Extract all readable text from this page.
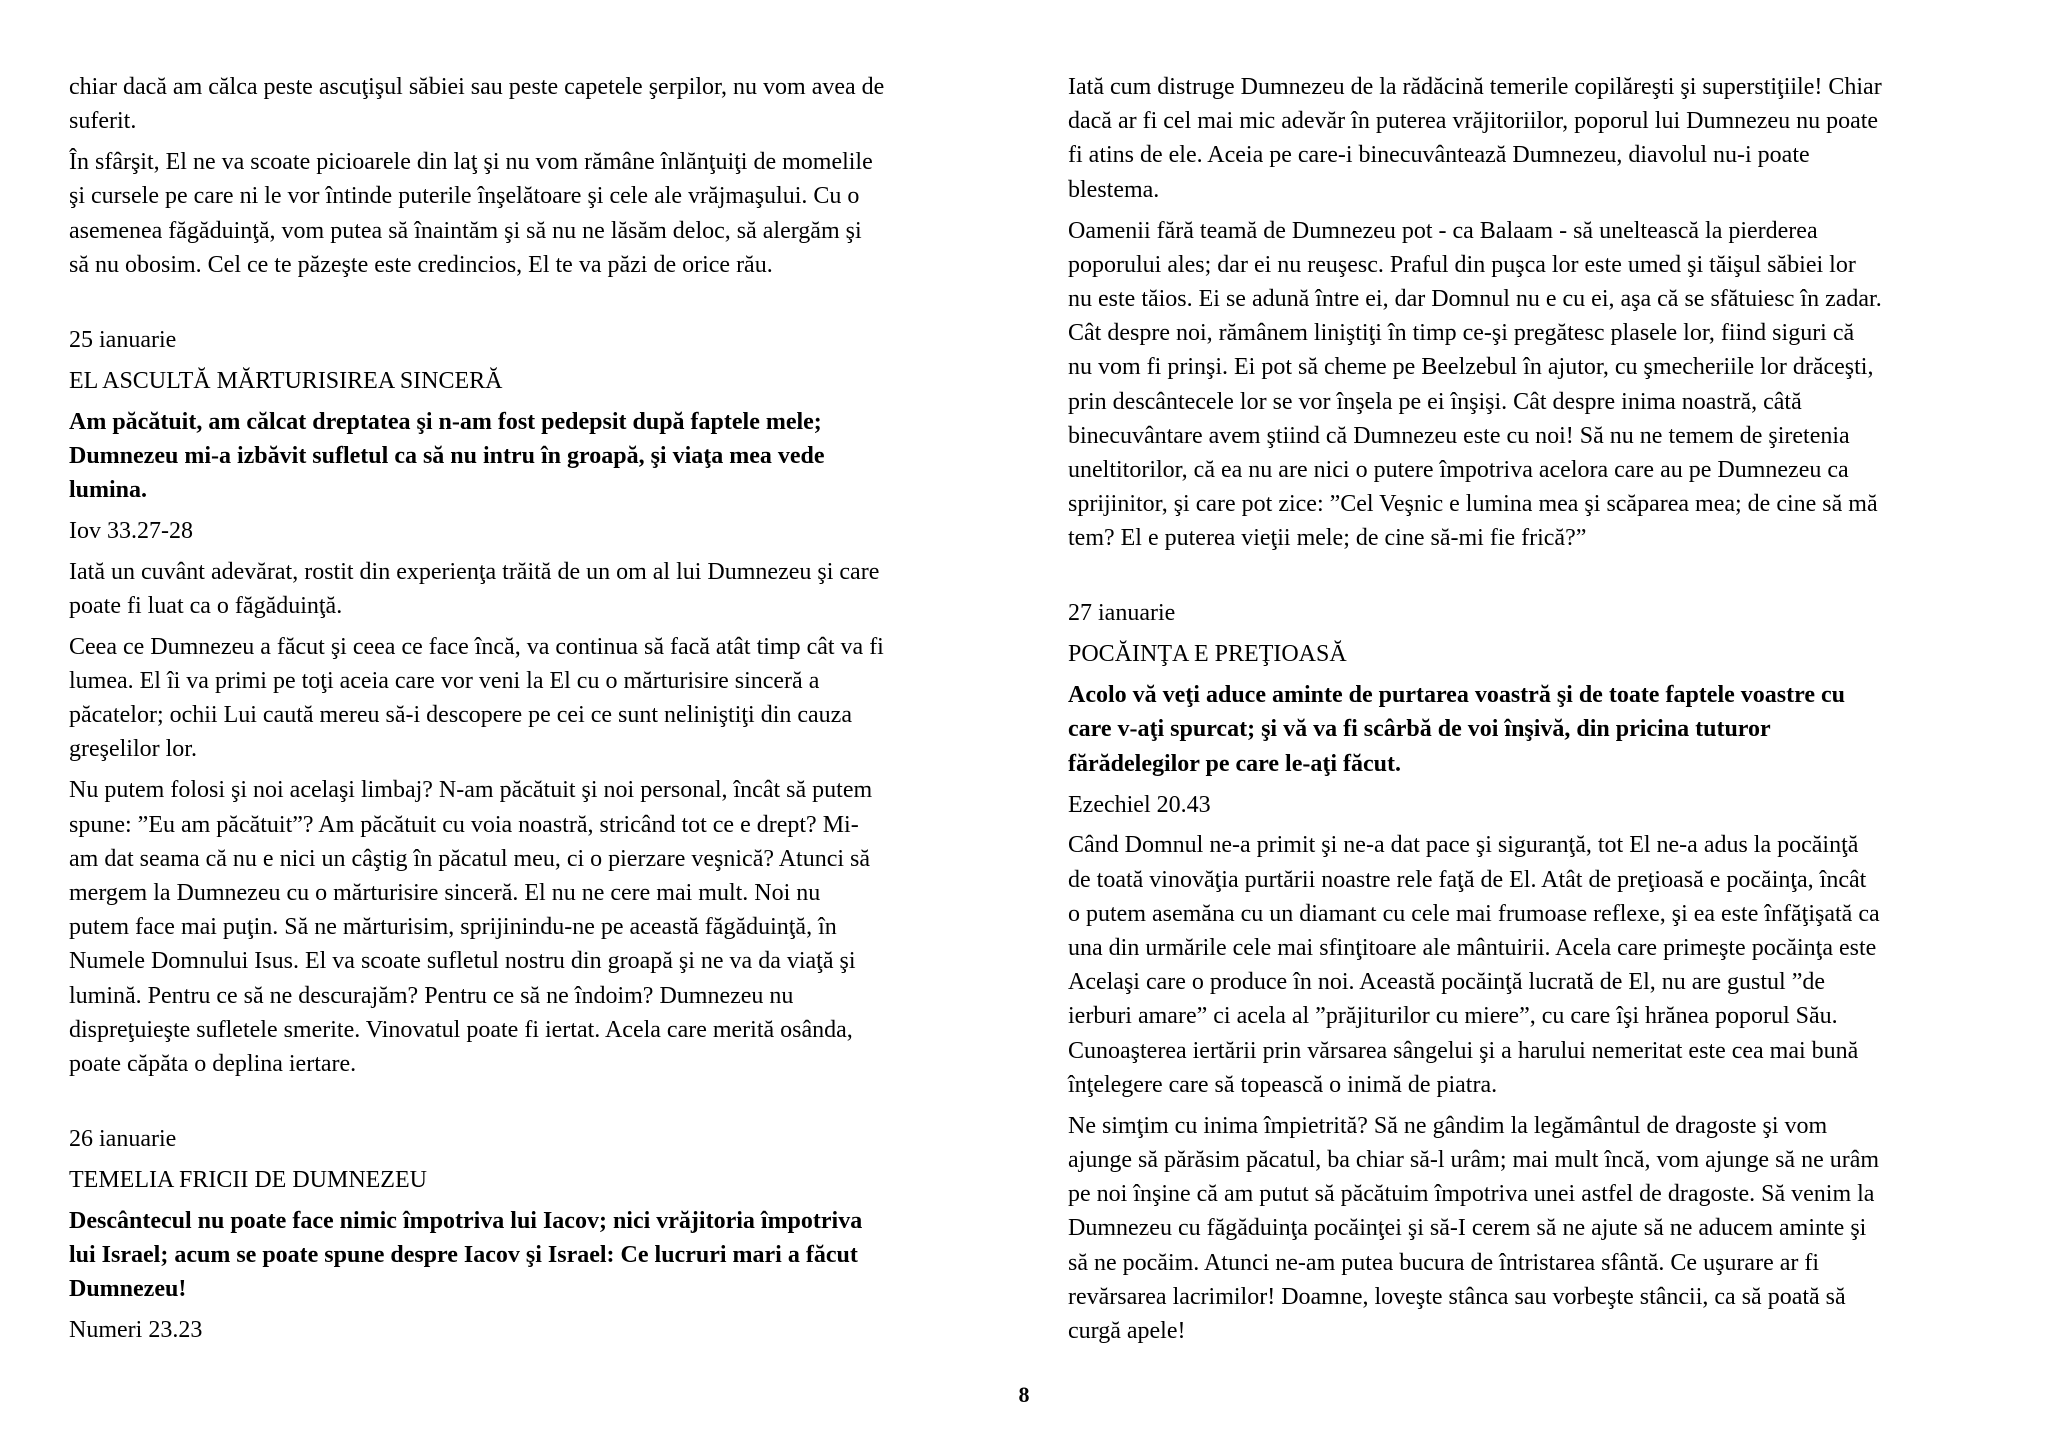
chiar dacă am călca peste ascuţişul săbiei sau peste capetele şerpilor, nu vom avea de
suferit.
În sfârşit, El ne va scoate picioarele din laţ şi nu vom rămâne înlănţuiţi de momelile
şi cursele pe care ni le vor întinde puterile înşelătoare şi cele ale vrăjmaşului. Cu o
asemenea făgăduinţă, vom putea să înaintăm şi să nu ne lăsăm deloc, să alergăm şi
să nu obosim. Cel ce te păzeşte este credincios, El te va păzi de orice rău.
25 ianuarie
EL ASCULTĂ MĂRTURISIREA SINCERĂ
Am păcătuit, am călcat dreptatea şi n-am fost pedepsit după faptele mele;
Dumnezeu mi-a izbăvit sufletul ca să nu intru în groapă, şi viaţa mea vede
lumina.
Iov 33.27-28
Iată un cuvânt adevărat, rostit din experienţa trăită de un om al lui Dumnezeu şi care
poate fi luat ca o făgăduinţă.
Ceea ce Dumnezeu a făcut şi ceea ce face încă, va continua să facă atât timp cât va fi
lumea. El îi va primi pe toţi aceia care vor veni la El cu o mărturisire sinceră a
păcatelor; ochii Lui caută mereu să-i descopere pe cei ce sunt neliniştiţi din cauza
greşelilor lor.
Nu putem folosi şi noi acelaşi limbaj? N-am păcătuit şi noi personal, încât să putem
spune: ”Eu am păcătuit”? Am păcătuit cu voia noastră, stricând tot ce e drept? Mi-
am dat seama că nu e nici un câştig în păcatul meu, ci o pierzare veşnică? Atunci să
mergem la Dumnezeu cu o mărturisire sinceră. El nu ne cere mai mult. Noi nu
putem face mai puţin. Să ne mărturisim, sprijinindu-ne pe această făgăduinţă, în
Numele Domnului Isus. El va scoate sufletul nostru din groapă şi ne va da viaţă şi
lumină. Pentru ce să ne descurajăm? Pentru ce să ne îndoim? Dumnezeu nu
dispreţuieşte sufletele smerite. Vinovatul poate fi iertat. Acela care merită osânda,
poate căpăta o deplina iertare.
26 ianuarie
TEMELIA FRICII DE DUMNEZEU
Descântecul nu poate face nimic împotriva lui Iacov; nici vrăjitoria împotriva
lui Israel; acum se poate spune despre Iacov şi Israel: Ce lucruri mari a făcut
Dumnezeu!
Numeri 23.23
Iată cum distruge Dumnezeu de la rădăcină temerile copilăreşti şi superstiţiile! Chiar
dacă ar fi cel mai mic adevăr în puterea vrăjitoriilor, poporul lui Dumnezeu nu poate
fi atins de ele. Aceia pe care-i binecuvântează Dumnezeu, diavolul nu-i poate
blestema.
Oamenii fără teamă de Dumnezeu pot - ca Balaam - să uneltească la pierderea
poporului ales; dar ei nu reuşesc. Praful din puşca lor este umed şi tăişul săbiei lor
nu este tăios. Ei se adună între ei, dar Domnul nu e cu ei, aşa că se sfătuiesc în zadar.
Cât despre noi, rămânem liniştiţi în timp ce-şi pregătesc plasele lor, fiind siguri că
nu vom fi prinşi. Ei pot să cheme pe Beelzebul în ajutor, cu şmecheriile lor drăceşti,
prin descântecele lor se vor înşela pe ei înşişi. Cât despre inima noastră, câtă
binecuvântare avem ştiind că Dumnezeu este cu noi! Să nu ne temem de şiretenia
uneltitorilor, că ea nu are nici o putere împotriva acelora care au pe Dumnezeu ca
sprijinitor, şi care pot zice: ”Cel Veşnic e lumina mea şi scăparea mea; de cine să mă
tem? El e puterea vieţii mele; de cine să-mi fie frică?”
27 ianuarie
POCĂINŢA E PREŢIOASĂ
Acolo vă veţi aduce aminte de purtarea voastră şi de toate faptele voastre cu
care v-aţi spurcat; şi vă va fi scârbă de voi înşivă, din pricina tuturor
fărădelegilor pe care le-aţi făcut.
Ezechiel 20.43
Când Domnul ne-a primit şi ne-a dat pace şi siguranţă, tot El ne-a adus la pocăinţă
de toată vinovăţia purtării noastre rele faţă de El. Atât de preţioasă e pocăinţa, încât
o putem asemăna cu un diamant cu cele mai frumoase reflexe, şi ea este înfăţişată ca
una din urmările cele mai sfinţitoare ale mântuirii. Acela care primeşte pocăinţa este
Acelaşi care o produce în noi. Această pocăinţă lucrată de El, nu are gustul ”de
ierburi amare” ci acela al ”prăjiturilor cu miere”, cu care îşi hrănea poporul Său.
Cunoaşterea iertării prin vărsarea sângelui şi a harului nemeritat este cea mai bună
înţelegere care să topească o inimă de piatra.
Ne simţim cu inima împietrită? Să ne gândim la legământul de dragoste şi vom
ajunge să părăsim păcatul, ba chiar să-l urâm; mai mult încă, vom ajunge să ne urâm
pe noi înşine că am putut să păcătuim împotriva unei astfel de dragoste. Să venim la
Dumnezeu cu făgăduinţa pocăinţei şi să-I cerem să ne ajute să ne aducem aminte şi
să ne pocăim. Atunci ne-am putea bucura de întristarea sfântă. Ce uşurare ar fi
revărsarea lacrimilor! Doamne, loveşte stânca sau vorbeşte stâncii, ca să poată să
curgă apele!
8
